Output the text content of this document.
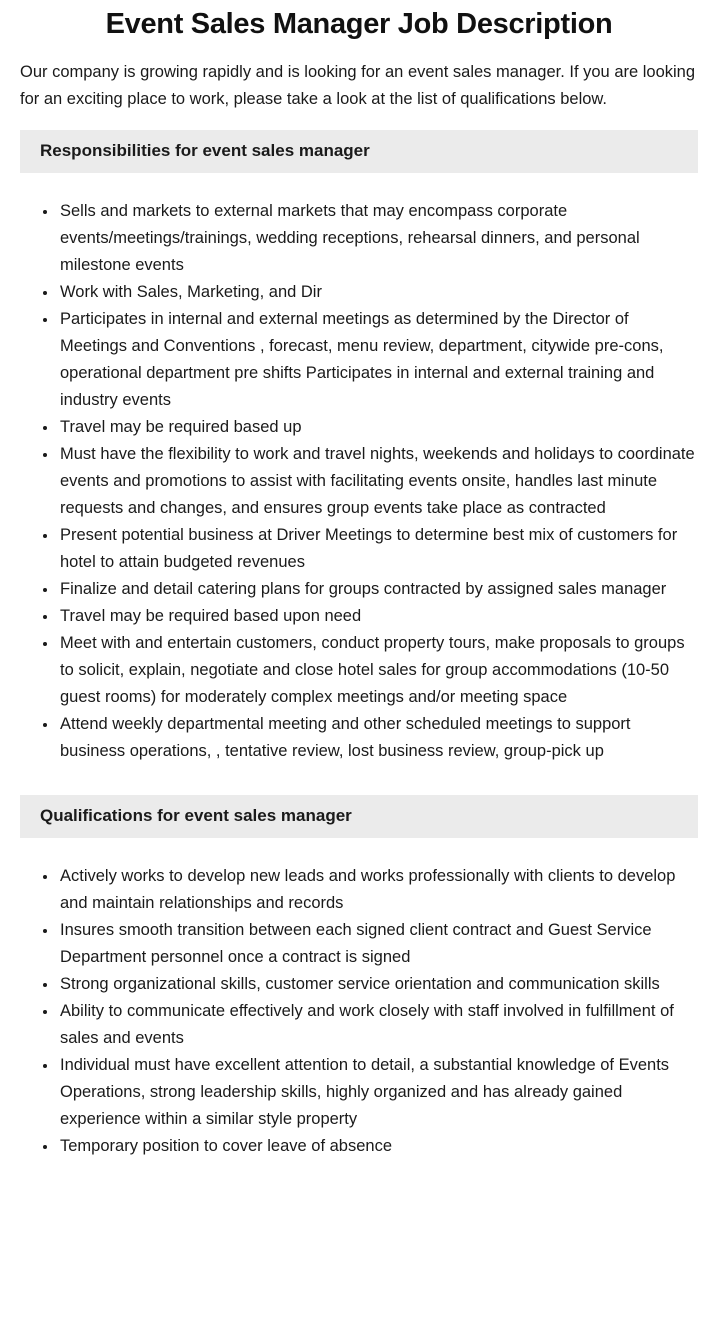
Event Sales Manager Job Description

Our company is growing rapidly and is looking for an event sales manager. If you are looking for an exciting place to work, please take a look at the list of qualifications below.

Responsibilities for event sales manager
• Sells and markets to external markets that may encompass corporate events/meetings/trainings, wedding receptions, rehearsal dinners, and personal milestone events
• Work with Sales, Marketing, and Dir
• Participates in internal and external meetings as determined by the Director of Meetings and Conventions , forecast, menu review, department, citywide pre-cons, operational department pre shifts Participates in internal and external training and industry events
• Travel may be required based up
• Must have the flexibility to work and travel nights, weekends and holidays to coordinate events and promotions to assist with facilitating events onsite, handles last minute requests and changes, and ensures group events take place as contracted
• Present potential business at Driver Meetings to determine best mix of customers for hotel to attain budgeted revenues
• Finalize and detail catering plans for groups contracted by assigned sales manager
• Travel may be required based upon need
• Meet with and entertain customers, conduct property tours, make proposals to groups to solicit, explain, negotiate and close hotel sales for group accommodations (10-50 guest rooms) for moderately complex meetings and/or meeting space
• Attend weekly departmental meeting and other scheduled meetings to support business operations, , tentative review, lost business review, group-pick up
Qualifications for event sales manager
• Actively works to develop new leads and works professionally with clients to develop and maintain relationships and records
• Insures smooth transition between each signed client contract and Guest Service Department personnel once a contract is signed
• Strong organizational skills, customer service orientation and communication skills
• Ability to communicate effectively and work closely with staff involved in fulfillment of sales and events
• Individual must have excellent attention to detail, a substantial knowledge of Events Operations, strong leadership skills, highly organized and has already gained experience within a similar style property
• Temporary position to cover leave of absence
